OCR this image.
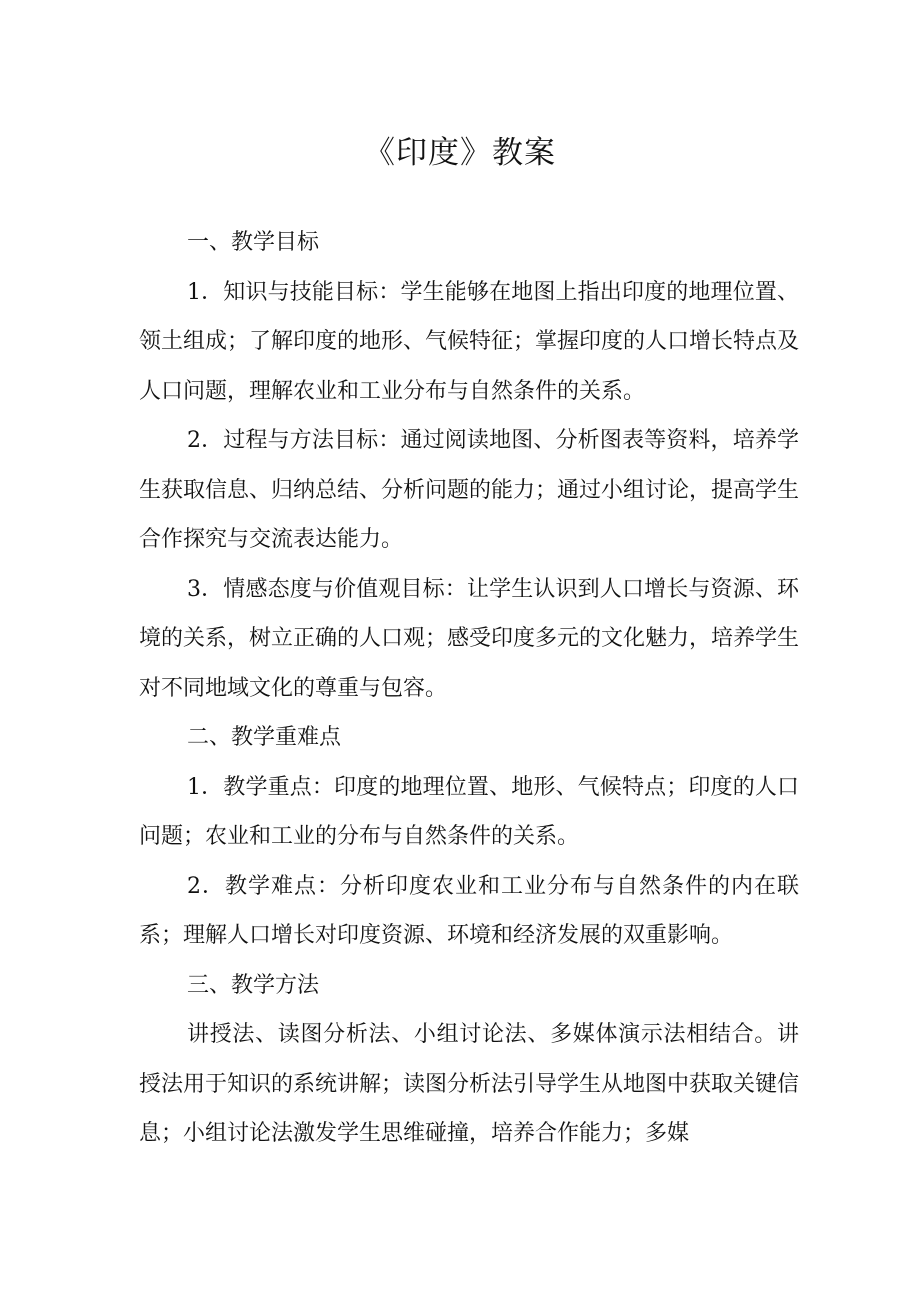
《印度》教案

一、教学目标

1．知识与技能目标：学生能够在地图上指出印度的地理位置、领土组成；了解印度的地形、气候特征；掌握印度的人口增长特点及人口问题，理解农业和工业分布与自然条件的关系。

2．过程与方法目标：通过阅读地图、分析图表等资料，培养学生获取信息、归纳总结、分析问题的能力；通过小组讨论，提高学生合作探究与交流表达能力。

3．情感态度与价值观目标：让学生认识到人口增长与资源、环境的关系，树立正确的人口观；感受印度多元的文化魅力，培养学生对不同地域文化的尊重与包容。

二、教学重难点

1．教学重点：印度的地理位置、地形、气候特点；印度的人口问题；农业和工业的分布与自然条件的关系。

2．教学难点：分析印度农业和工业分布与自然条件的内在联系；理解人口增长对印度资源、环境和经济发展的双重影响。

三、教学方法

讲授法、读图分析法、小组讨论法、多媒体演示法相结合。讲授法用于知识的系统讲解；读图分析法引导学生从地图中获取关键信息；小组讨论法激发学生思维碰撞，培养合作能力；多媒
